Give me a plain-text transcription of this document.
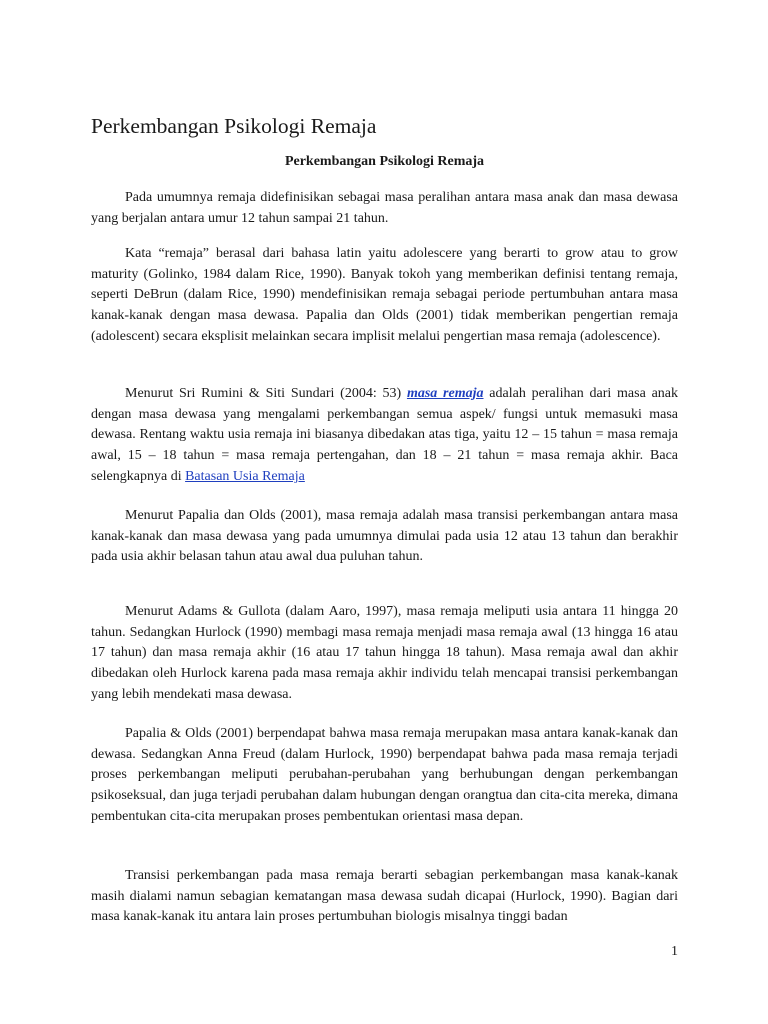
Perkembangan Psikologi Remaja
Perkembangan Psikologi Remaja

Pada umumnya remaja didefinisikan sebagai masa peralihan antara masa anak dan masa dewasa yang berjalan antara umur 12 tahun sampai 21 tahun.

Kata “remaja” berasal dari bahasa latin yaitu adolescere yang berarti to grow atau to grow maturity (Golinko, 1984 dalam Rice, 1990). Banyak tokoh yang memberikan definisi tentang remaja, seperti DeBrun (dalam Rice, 1990) mendefinisikan remaja sebagai periode pertumbuhan antara masa kanak-kanak dengan masa dewasa. Papalia dan Olds (2001) tidak memberikan pengertian remaja (adolescent) secara eksplisit melainkan secara implisit melalui pengertian masa remaja (adolescence).

Menurut Sri Rumini & Siti Sundari (2004: 53) masa remaja adalah peralihan dari masa anak dengan masa dewasa yang mengalami perkembangan semua aspek/ fungsi untuk memasuki masa dewasa. Rentang waktu usia remaja ini biasanya dibedakan atas tiga, yaitu 12 – 15 tahun = masa remaja awal, 15 – 18 tahun = masa remaja pertengahan, dan 18 – 21 tahun = masa remaja akhir. Baca selengkapnya di Batasan Usia Remaja

Menurut Papalia dan Olds (2001), masa remaja adalah masa transisi perkembangan antara masa kanak-kanak dan masa dewasa yang pada umumnya dimulai pada usia 12 atau 13 tahun dan berakhir pada usia akhir belasan tahun atau awal dua puluhan tahun.

Menurut Adams & Gullota (dalam Aaro, 1997), masa remaja meliputi usia antara 11 hingga 20 tahun. Sedangkan Hurlock (1990) membagi masa remaja menjadi masa remaja awal (13 hingga 16 atau 17 tahun) dan masa remaja akhir (16 atau 17 tahun hingga 18 tahun). Masa remaja awal dan akhir dibedakan oleh Hurlock karena pada masa remaja akhir individu telah mencapai transisi perkembangan yang lebih mendekati masa dewasa.

Papalia & Olds (2001) berpendapat bahwa masa remaja merupakan masa antara kanak-kanak dan dewasa. Sedangkan Anna Freud (dalam Hurlock, 1990) berpendapat bahwa pada masa remaja terjadi proses perkembangan meliputi perubahan-perubahan yang berhubungan dengan perkembangan psikoseksual, dan juga terjadi perubahan dalam hubungan dengan orangtua dan cita-cita mereka, dimana pembentukan cita-cita merupakan proses pembentukan orientasi masa depan.

Transisi perkembangan pada masa remaja berarti sebagian perkembangan masa kanak-kanak masih dialami namun sebagian kematangan masa dewasa sudah dicapai (Hurlock, 1990). Bagian dari masa kanak-kanak itu antara lain proses pertumbuhan biologis misalnya tinggi badan

1
